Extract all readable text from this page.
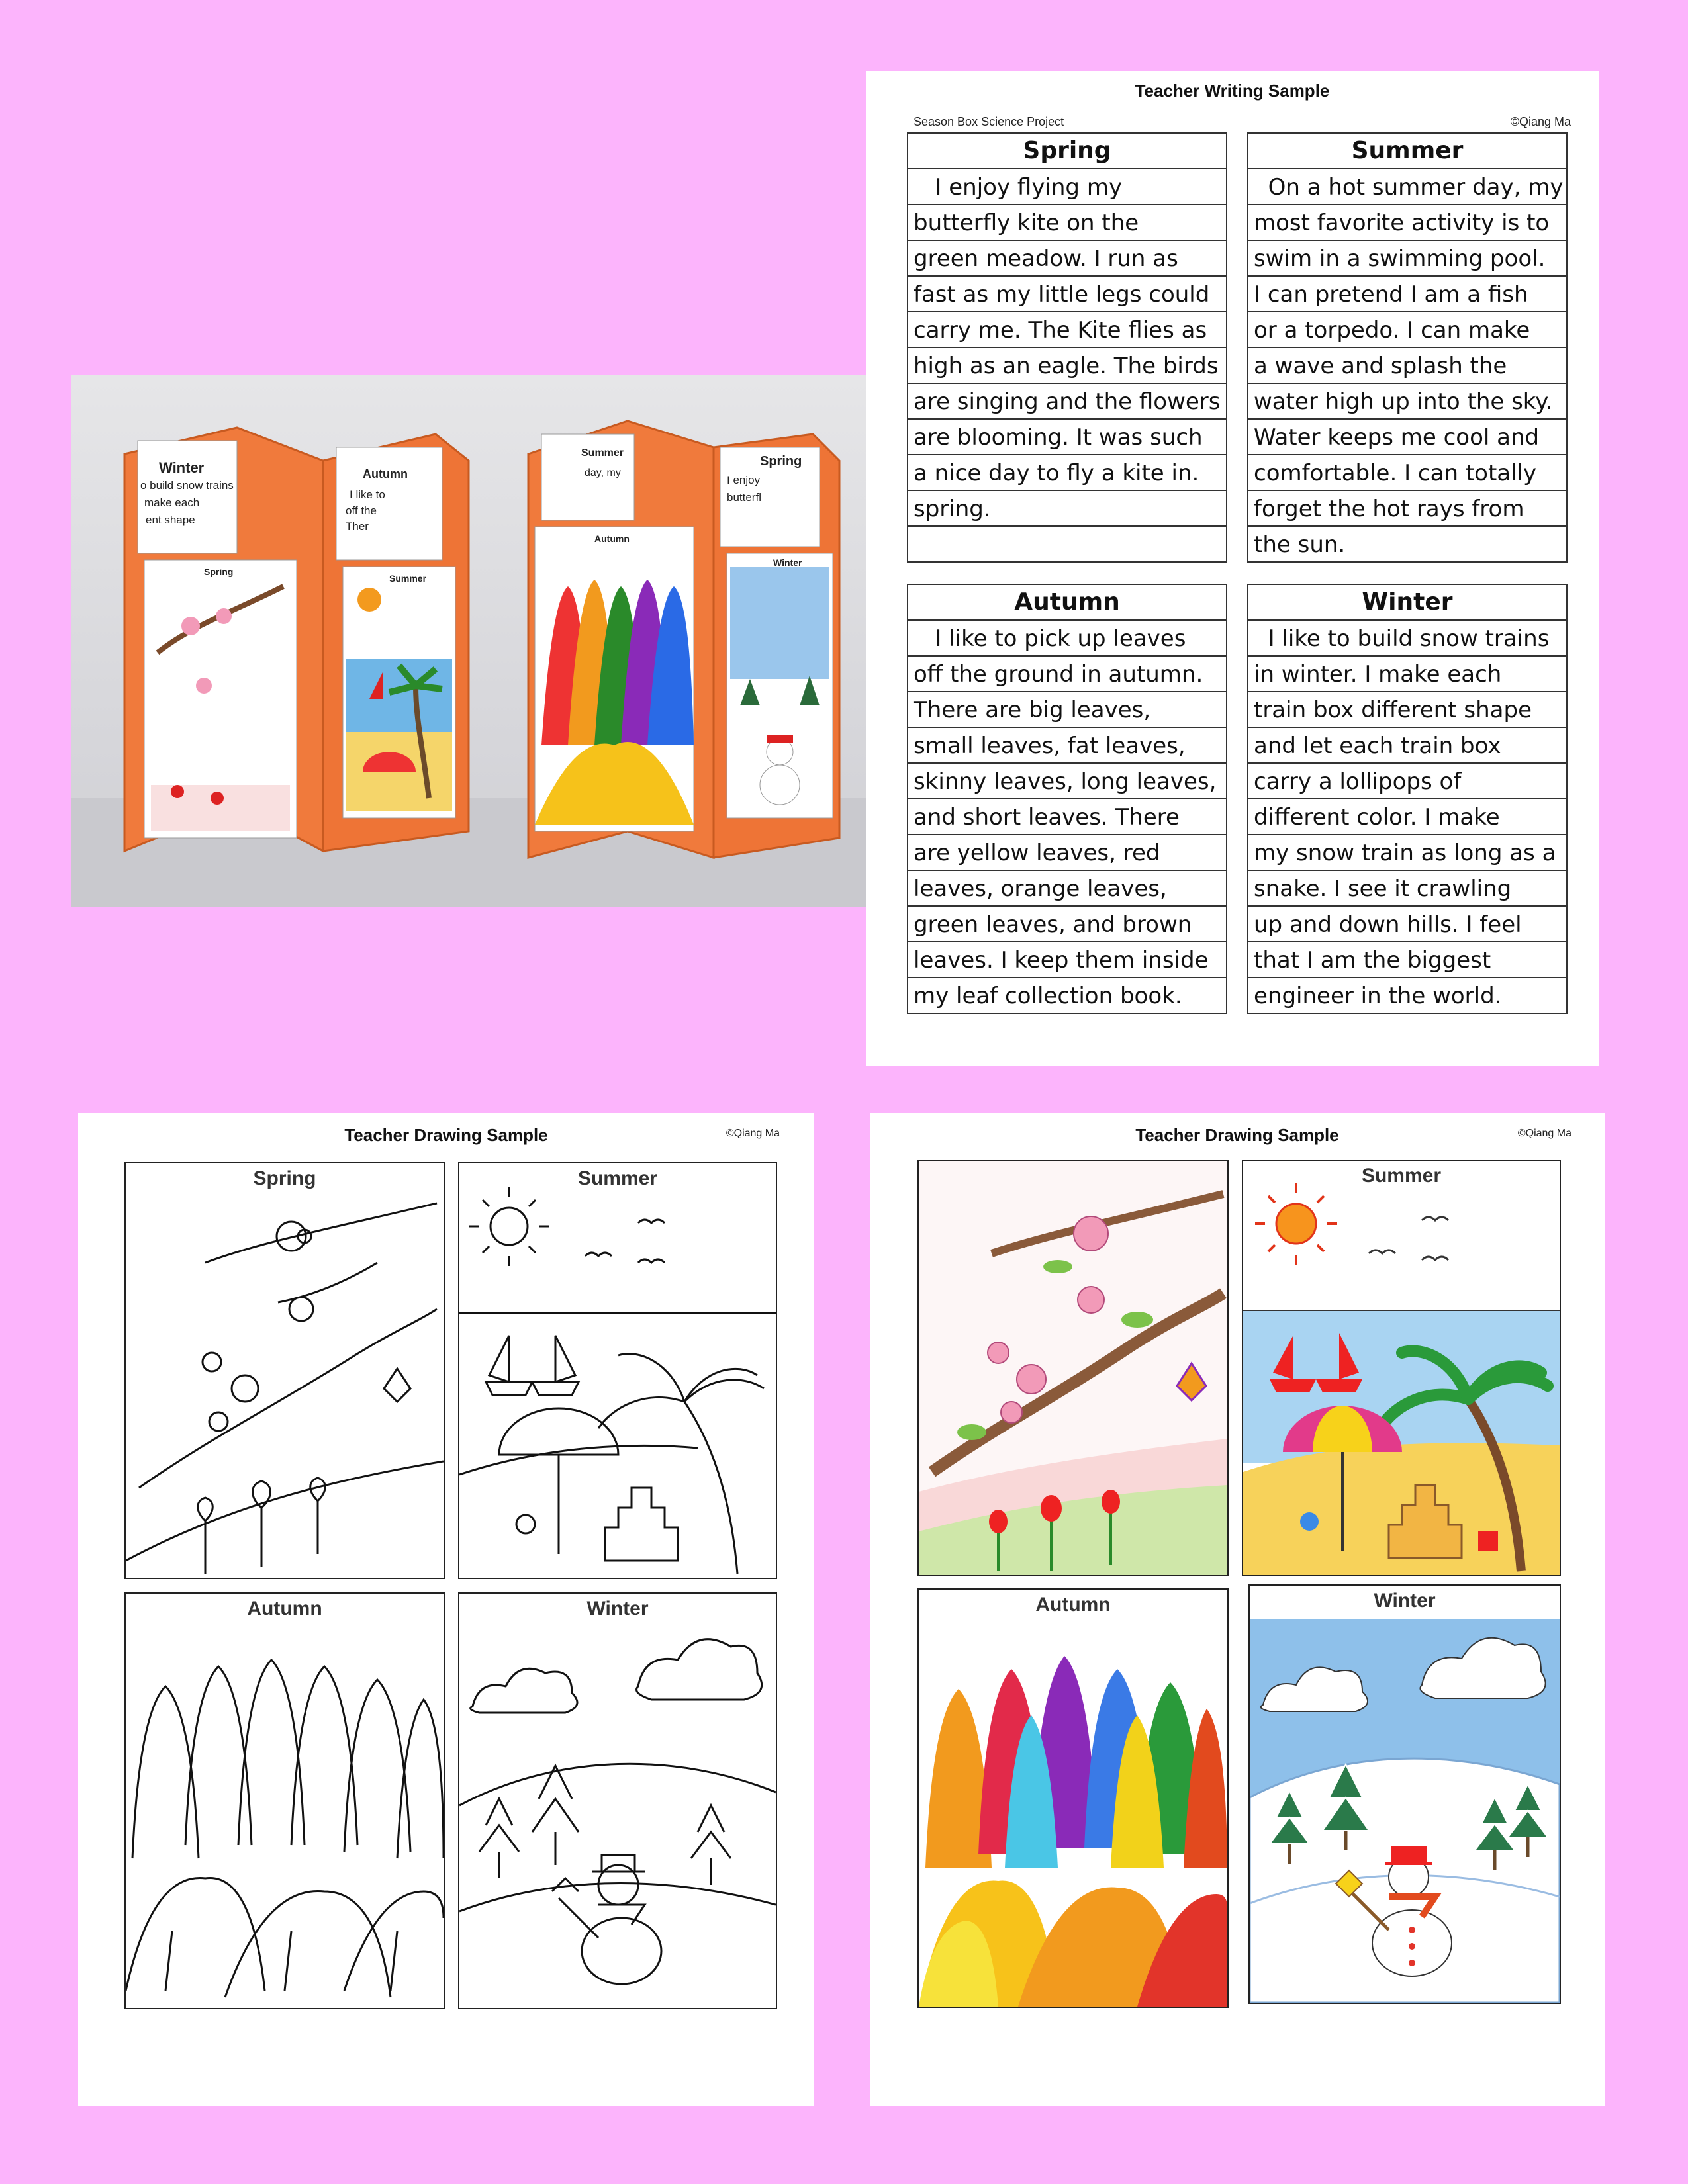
Winter	Autumn
Spring
Summer
o build snow trains
I like to
make each
off the
ent shape
Ther
Summer
Spring
Autumn
Winter
day, my
I enjoy
butterfl
Teacher Writing Sample
Season Box Science Project	©Qiang Ma
Spring
I enjoy flying my
butterfly kite on the
green meadow. I run as
fast as my little legs could
carry me. The Kite flies as
high as an eagle. The birds
are singing and the flowers
are blooming. It was such
a nice day to fly a kite in.
spring.
Summer
On a hot summer day, my
most favorite activity is to
swim in a swimming pool.
I can pretend I am a fish
or a torpedo. I can make
a wave and splash the
water high up into the sky.
Water keeps me cool and
comfortable. I can totally
forget the hot rays from
the sun.
Autumn
I like to pick up leaves
off the ground in autumn.
There are big leaves,
small leaves, fat leaves,
skinny leaves, long leaves,
and short leaves. There
are yellow leaves, red
leaves, orange leaves,
green leaves, and brown
leaves. I keep them inside
my leaf collection book.
Winter
I like to build snow trains
in winter. I make each
train box different shape
and let each train box
carry a lollipops of
different color. I make
my snow train as long as a
snake. I see it crawling
up and down hills. I feel
that I am the biggest
engineer in the world.
Teacher Drawing Sample	©Qiang Ma
Spring	Summer
Autumn	Winter
Teacher Drawing Sample	©Qiang Ma
Summer
Autumn	Winter
